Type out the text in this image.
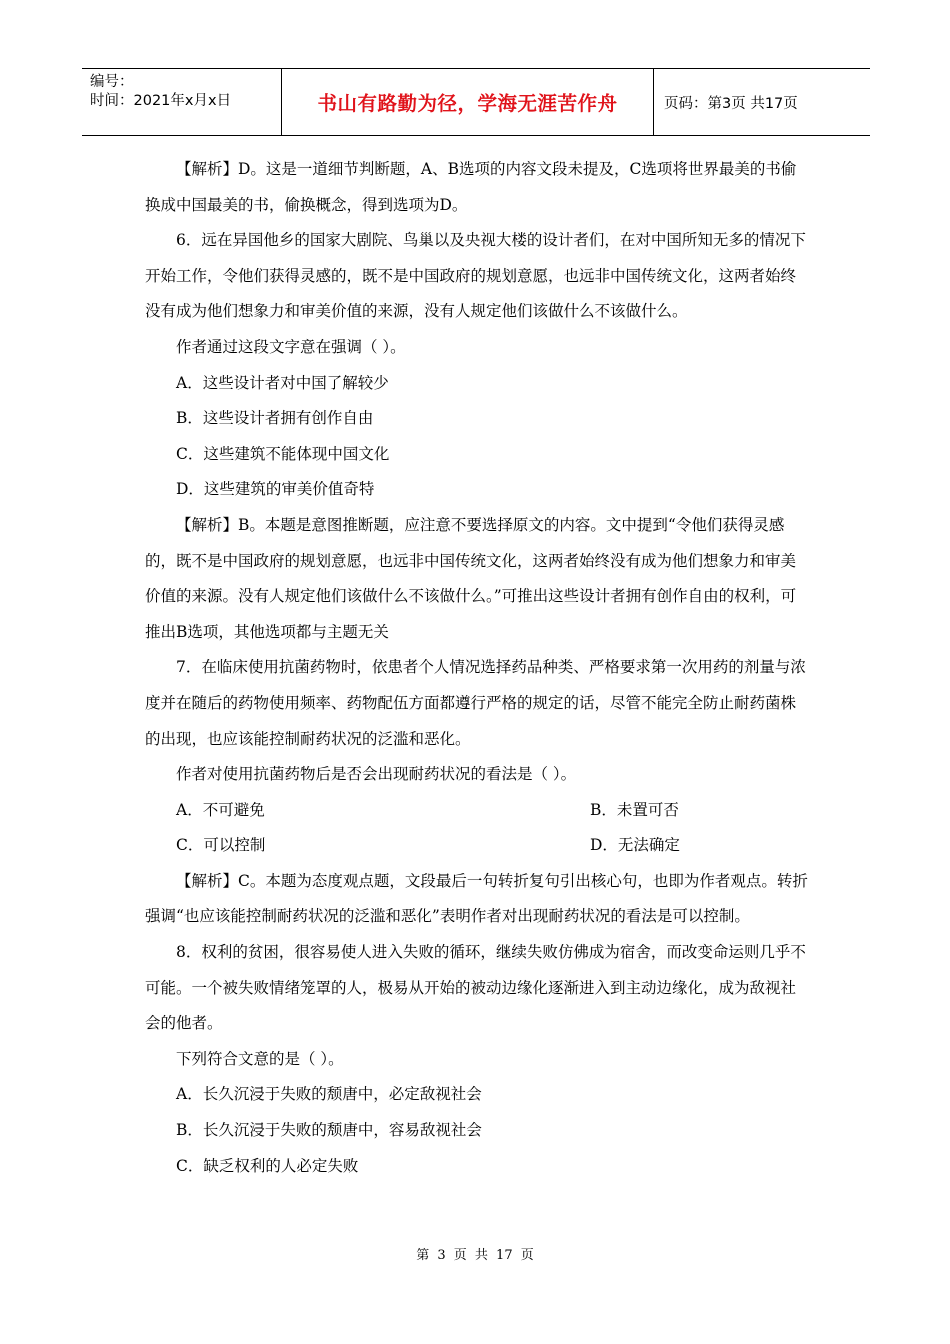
编号：
时间：2021年x月x日	书山有路勤为径，学海无涯苦作舟	页码：第3页 共17页

【解析】D。这是一道细节判断题，A、B选项的内容文段未提及，C选项将世界最美的书偷换成中国最美的书，偷换概念，得到选项为D。

6．远在异国他乡的国家大剧院、鸟巢以及央视大楼的设计者们，在对中国所知无多的情况下开始工作，令他们获得灵感的，既不是中国政府的规划意愿，也远非中国传统文化，这两者始终没有成为他们想象力和审美价值的来源，没有人规定他们该做什么不该做什么。

作者通过这段文字意在强调（ ）。

A．这些设计者对中国了解较少

B．这些设计者拥有创作自由

C．这些建筑不能体现中国文化

D．这些建筑的审美价值奇特

【解析】B。本题是意图推断题，应注意不要选择原文的内容。文中提到“令他们获得灵感的，既不是中国政府的规划意愿，也远非中国传统文化，这两者始终没有成为他们想象力和审美价值的来源。没有人规定他们该做什么不该做什么。”可推出这些设计者拥有创作自由的权利，可推出B选项，其他选项都与主题无关

7．在临床使用抗菌药物时，依患者个人情况选择药品种类、严格要求第一次用药的剂量与浓度并在随后的药物使用频率、药物配伍方面都遵行严格的规定的话，尽管不能完全防止耐药菌株的出现，也应该能控制耐药状况的泛滥和恶化。

作者对使用抗菌药物后是否会出现耐药状况的看法是（ ）。

A．不可避免	B．未置可否
C．可以控制	D．无法确定

【解析】C。本题为态度观点题，文段最后一句转折复句引出核心句，也即为作者观点。转折强调“也应该能控制耐药状况的泛滥和恶化”表明作者对出现耐药状况的看法是可以控制。

8．权利的贫困，很容易使人进入失败的循环，继续失败仿佛成为宿舍，而改变命运则几乎不可能。一个被失败情绪笼罩的人，极易从开始的被动边缘化逐渐进入到主动边缘化，成为敌视社会的他者。

下列符合文意的是（ ）。

A．长久沉浸于失败的颓唐中，必定敌视社会

B．长久沉浸于失败的颓唐中，容易敌视社会

C．缺乏权利的人必定失败

第 3 页 共 17 页
